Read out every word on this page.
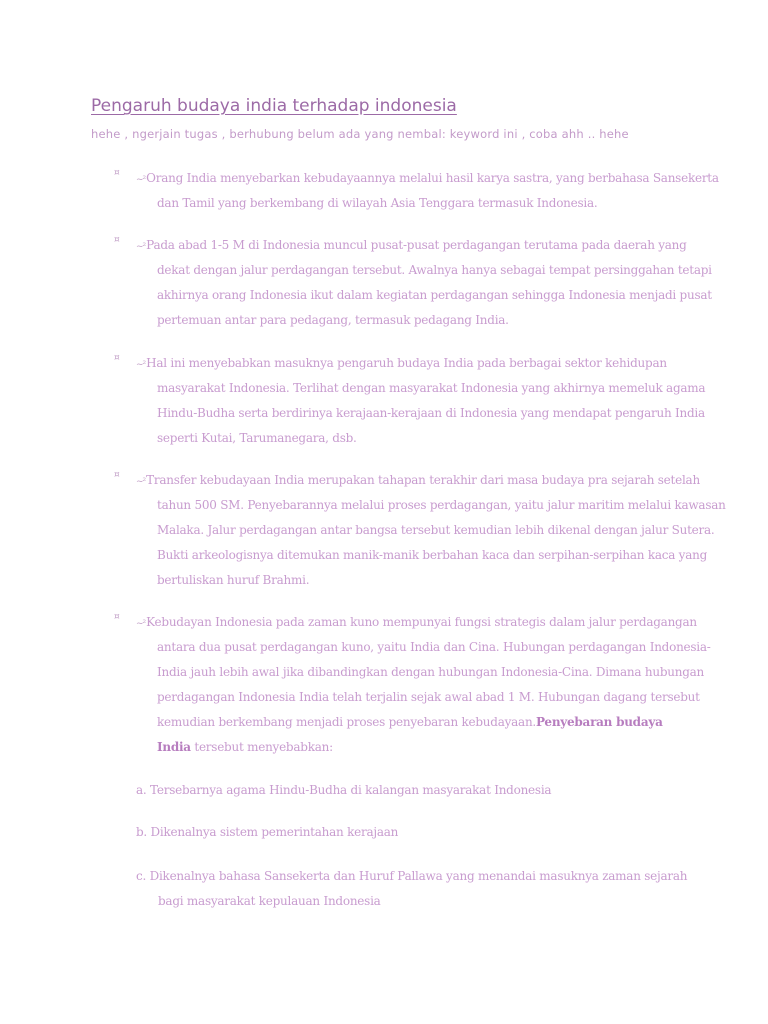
Pengaruh budaya india terhadap indonesia
hehe , ngerjain tugas , berhubung belum ada yang nembal: keyword ini , coba ahh .. hehe
¤
~²Orang India menyebarkan kebudayaannya melalui hasil karya sastra, yang berbahasa Sansekerta
dan Tamil yang berkembang di wilayah Asia Tenggara termasuk Indonesia.
¤
~²Pada abad 1-5 M di Indonesia muncul pusat-pusat perdagangan terutama pada daerah yang
dekat dengan jalur perdagangan tersebut. Awalnya hanya sebagai tempat persinggahan tetapi
akhirnya orang Indonesia ikut dalam kegiatan perdagangan sehingga Indonesia menjadi pusat
pertemuan antar para pedagang, termasuk pedagang India.
¤
~²Hal ini menyebabkan masuknya pengaruh budaya India pada berbagai sektor kehidupan
masyarakat Indonesia. Terlihat dengan masyarakat Indonesia yang akhirnya memeluk agama
Hindu-Budha serta berdirinya kerajaan-kerajaan di Indonesia yang mendapat pengaruh India
seperti Kutai, Tarumanegara, dsb.
¤
~²Transfer kebudayaan India merupakan tahapan terakhir dari masa budaya pra sejarah setelah
tahun 500 SM. Penyebarannya melalui proses perdagangan, yaitu jalur maritim melalui kawasan
Malaka. Jalur perdagangan antar bangsa tersebut kemudian lebih dikenal dengan jalur Sutera.
Bukti arkeologisnya ditemukan manik-manik berbahan kaca dan serpihan-serpihan kaca yang
bertuliskan huruf Brahmi.
¤
~²Kebudayan Indonesia pada zaman kuno mempunyai fungsi strategis dalam jalur perdagangan
antara dua pusat perdagangan kuno, yaitu India dan Cina. Hubungan perdagangan Indonesia-
India jauh lebih awal jika dibandingkan dengan hubungan Indonesia-Cina. Dimana hubungan
perdagangan Indonesia India telah terjalin sejak awal abad 1 M. Hubungan dagang tersebut
kemudian berkembang menjadi proses penyebaran kebudayaan.Penyebaran budaya
India tersebut menyebabkan:
a. Tersebarnya agama Hindu-Budha di kalangan masyarakat Indonesia
b. Dikenalnya sistem pemerintahan kerajaan
c. Dikenalnya bahasa Sansekerta dan Huruf Pallawa yang menandai masuknya zaman sejarah
bagi masyarakat kepulauan Indonesia
